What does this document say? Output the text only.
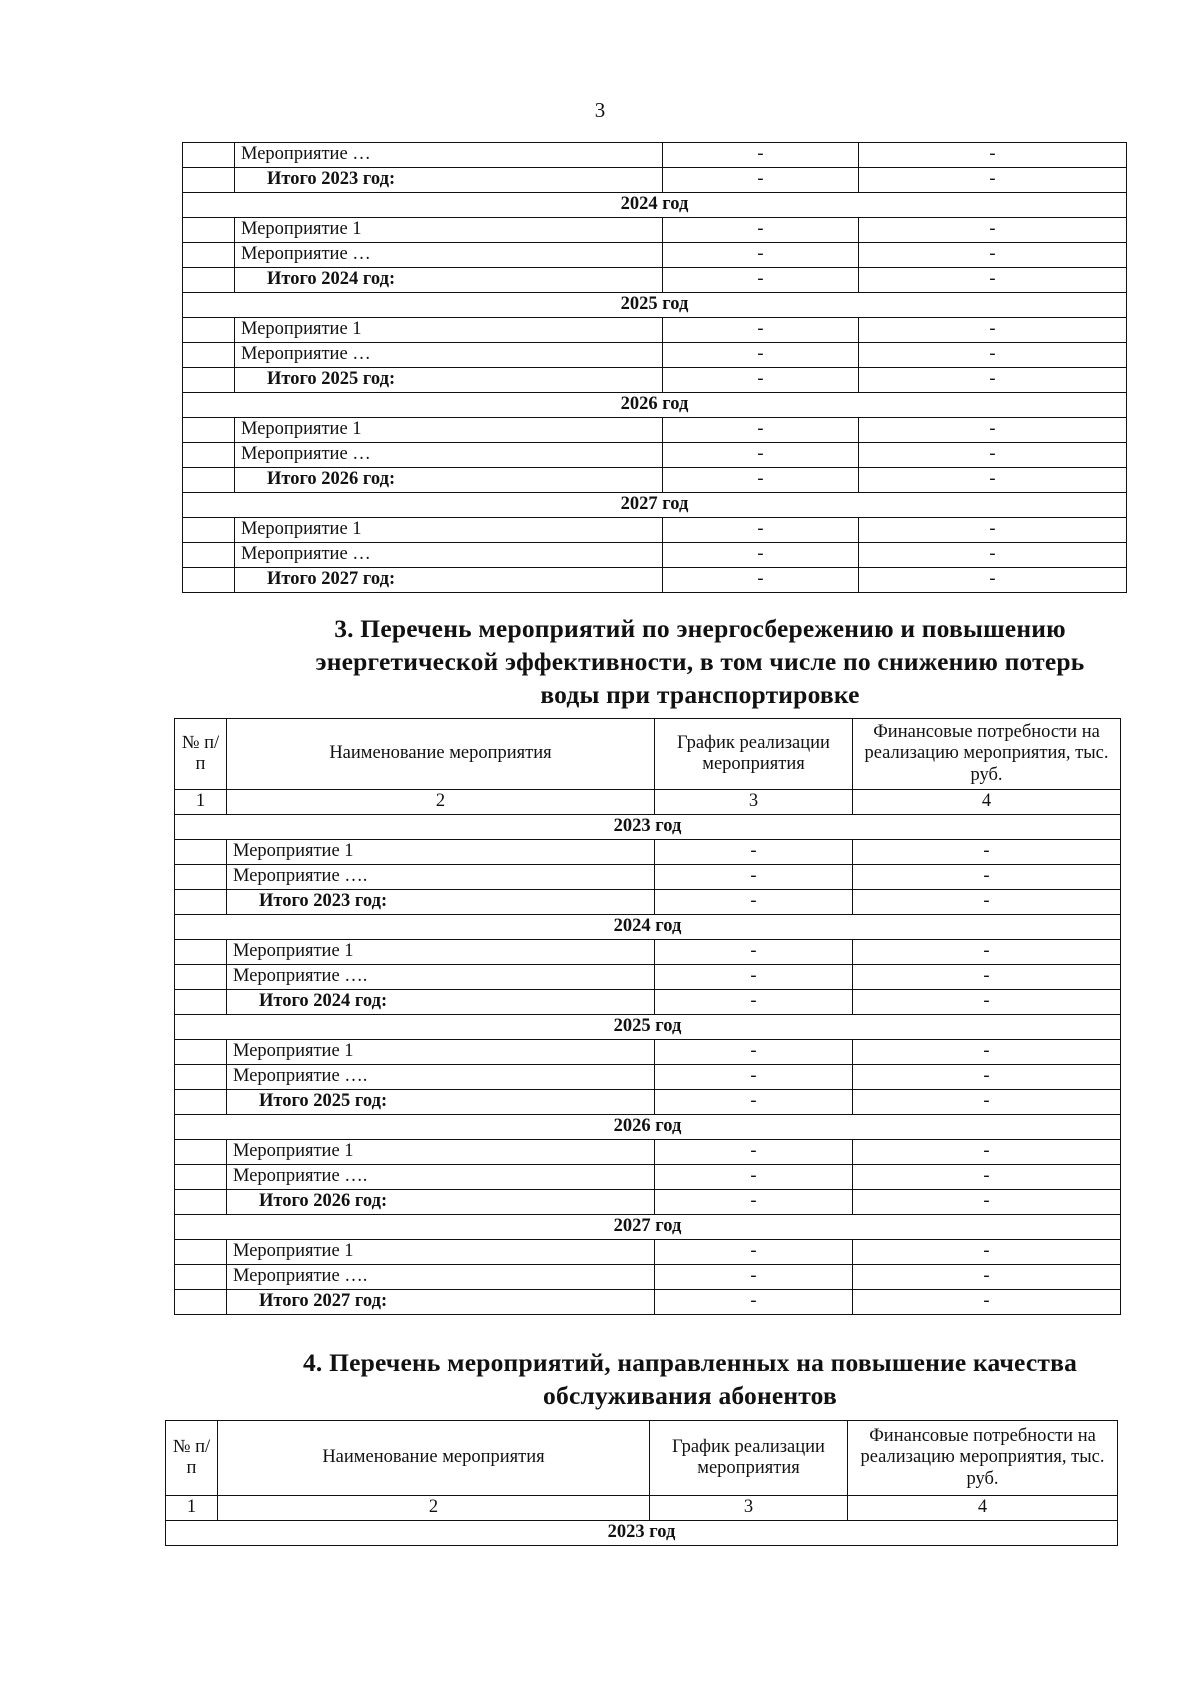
3
	Мероприятие …	-	-
	Итого 2023 год:	-	-
2024 год			
	Мероприятие 1	-	-
	Мероприятие …	-	-
	Итого 2024 год:	-	-
2025 год			
	Мероприятие 1	-	-
	Мероприятие …	-	-
	Итого 2025 год:	-	-
2026 год			
	Мероприятие 1	-	-
	Мероприятие …	-	-
	Итого 2026 год:	-	-
2027 год			
	Мероприятие 1	-	-
	Мероприятие …	-	-
	Итого 2027 год:	-	-
3. Перечень мероприятий по энергосбережению и повышению
энергетической эффективности, в том числе по снижению потерь
воды при транспортировке
№ п/п	Наименование мероприятия	График реализации мероприятия	Финансовые потребности на реализацию мероприятия, тыс. руб.
1	2	3	4
2023 год			
	Мероприятие 1	-	-
	Мероприятие ….	-	-
	Итого 2023 год:	-	-
2024 год			
	Мероприятие 1	-	-
	Мероприятие ….	-	-
	Итого 2024 год:	-	-
2025 год			
	Мероприятие 1	-	-
	Мероприятие ….	-	-
	Итого 2025 год:	-	-
2026 год			
	Мероприятие 1	-	-
	Мероприятие ….	-	-
	Итого 2026 год:	-	-
2027 год			
	Мероприятие 1	-	-
	Мероприятие ….	-	-
	Итого 2027 год:	-	-
4. Перечень мероприятий, направленных на повышение качества
обслуживания абонентов
№ п/п	Наименование мероприятия	График реализации мероприятия	Финансовые потребности на реализацию мероприятия, тыс. руб.
1	2	3	4
2023 год			
